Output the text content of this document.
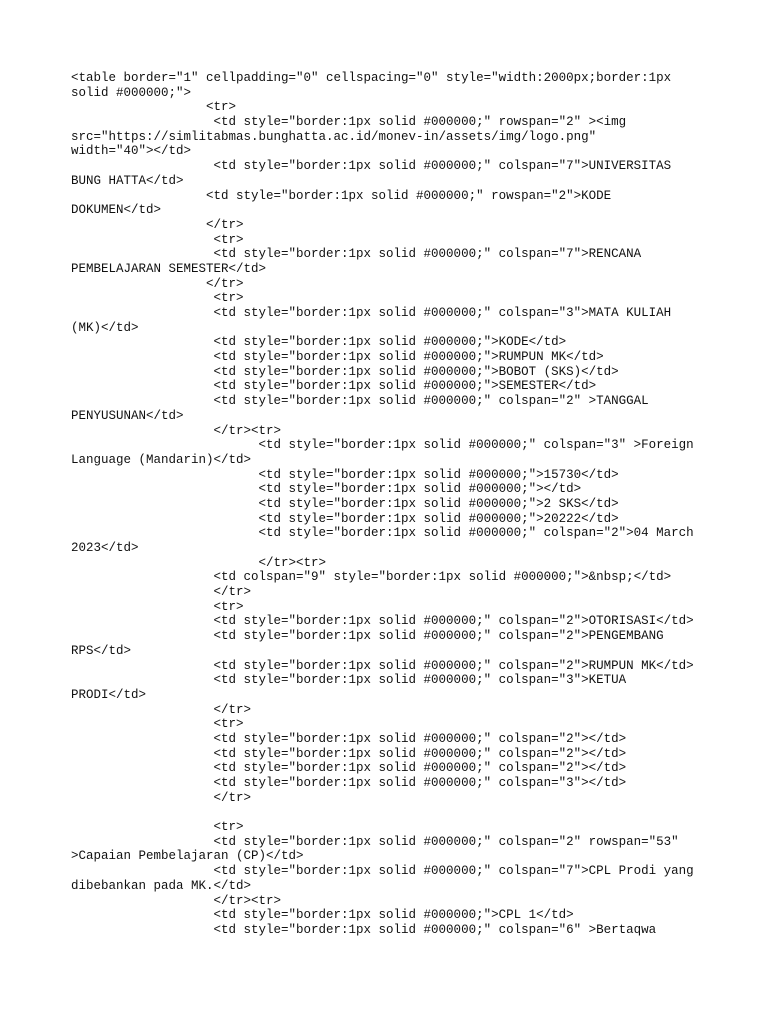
<table border="1" cellpadding="0" cellspacing="0" style="width:2000px;border:1px
solid #000000;">
<tr>
<td style="border:1px solid #000000;" rowspan="2" ><img
src="https://simlitabmas.bunghatta.ac.id/monev-in/assets/img/logo.png"
width="40"></td>
<td style="border:1px solid #000000;" colspan="7">UNIVERSITAS
BUNG HATTA</td>
<td style="border:1px solid #000000;" rowspan="2">KODE
DOKUMEN</td>
</tr>
<tr>
<td style="border:1px solid #000000;" colspan="7">RENCANA
PEMBELAJARAN SEMESTER</td>
</tr>
<tr>
<td style="border:1px solid #000000;" colspan="3">MATA KULIAH
(MK)</td>
<td style="border:1px solid #000000;">KODE</td>
<td style="border:1px solid #000000;">RUMPUN MK</td>
<td style="border:1px solid #000000;">BOBOT (SKS)</td>
<td style="border:1px solid #000000;">SEMESTER</td>
<td style="border:1px solid #000000;" colspan="2" >TANGGAL
PENYUSUNAN</td>
</tr><tr>
<td style="border:1px solid #000000;" colspan="3" >Foreign
Language (Mandarin)</td>
<td style="border:1px solid #000000;">15730</td>
<td style="border:1px solid #000000;"></td>
<td style="border:1px solid #000000;">2 SKS</td>
<td style="border:1px solid #000000;">20222</td>
<td style="border:1px solid #000000;" colspan="2">04 March
2023</td>
</tr><tr>
<td colspan="9" style="border:1px solid #000000;">&nbsp;</td>
</tr>
<tr>
<td style="border:1px solid #000000;" colspan="2">OTORISASI</td>
<td style="border:1px solid #000000;" colspan="2">PENGEMBANG
RPS</td>
<td style="border:1px solid #000000;" colspan="2">RUMPUN MK</td>
<td style="border:1px solid #000000;" colspan="3">KETUA
PRODI</td>
</tr>
<tr>
<td style="border:1px solid #000000;" colspan="2"></td>
<td style="border:1px solid #000000;" colspan="2"></td>
<td style="border:1px solid #000000;" colspan="2"></td>
<td style="border:1px solid #000000;" colspan="3"></td>
</tr>
<tr>
<td style="border:1px solid #000000;" colspan="2" rowspan="53"
>Capaian Pembelajaran (CP)</td>
<td style="border:1px solid #000000;" colspan="7">CPL Prodi yang
dibebankan pada MK.</td>
</tr><tr>
<td style="border:1px solid #000000;">CPL 1</td>
<td style="border:1px solid #000000;" colspan="6" >Bertaqwa
